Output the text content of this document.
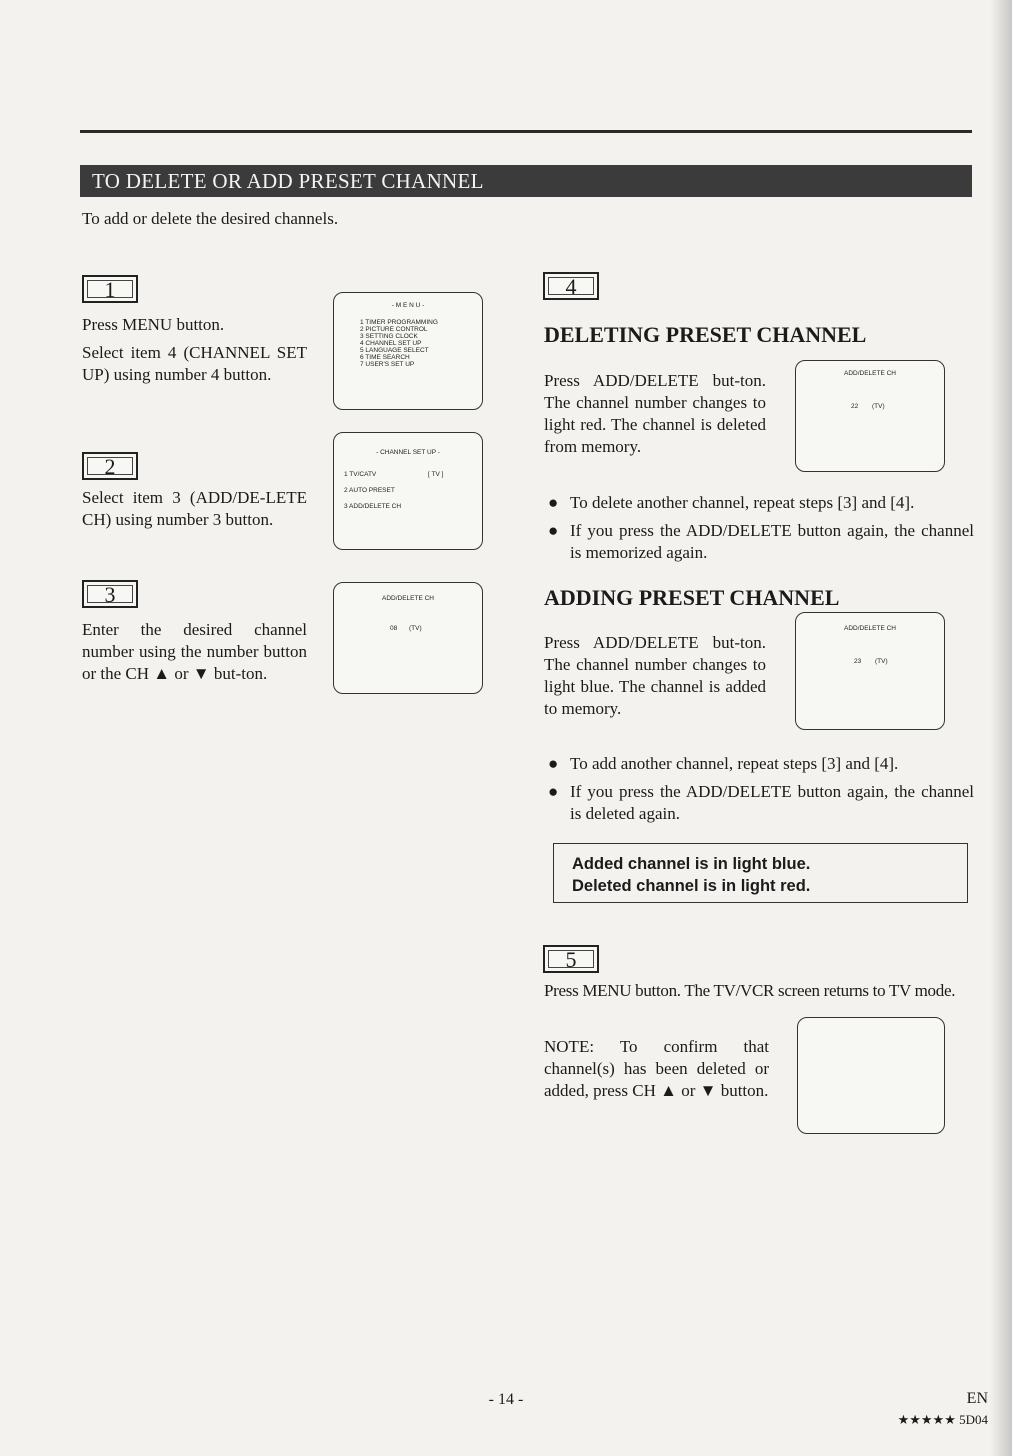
TO DELETE OR ADD PRESET CHANNEL
To add or delete the desired channels.
1
Press MENU button.
Select item 4 (CHANNEL SET UP) using number 4 button.
- M E N U -
1 TIMER PROGRAMMING
2 PICTURE CONTROL
3 SETTING CLOCK
4 CHANNEL SET UP
5 LANGUAGE SELECT
6 TIME SEARCH
7 USER'S SET UP
2
Select item 3 (ADD/DE-LETE CH) using number 3 button.
- CHANNEL SET UP -
1 TV/CATV	[ TV ]
2 AUTO PRESET
3 ADD/DELETE CH
3
Enter the desired channel number using the number button or the CH ▲ or ▼ but-ton.
ADD/DELETE CH
08 (TV)
4
DELETING PRESET CHANNEL
Press ADD/DELETE but-ton. The channel number changes to light red. The channel is deleted from memory.
ADD/DELETE CH
22 (TV)
● To delete another channel, repeat steps [3] and [4].
● If you press the ADD/DELETE button again, the channel is memorized again.
ADDING PRESET CHANNEL
Press ADD/DELETE but-ton. The channel number changes to light blue. The channel is added to memory.
ADD/DELETE CH
23 (TV)
● To add another channel, repeat steps [3] and [4].
● If you press the ADD/DELETE button again, the channel is deleted again.
Added channel is in light blue.
Deleted channel is in light red.
5
Press MENU button. The TV/VCR screen returns to TV mode.
NOTE: To confirm that channel(s) has been deleted or added, press CH ▲ or ▼ button.
- 14 -	EN
★★★★★ 5D04
